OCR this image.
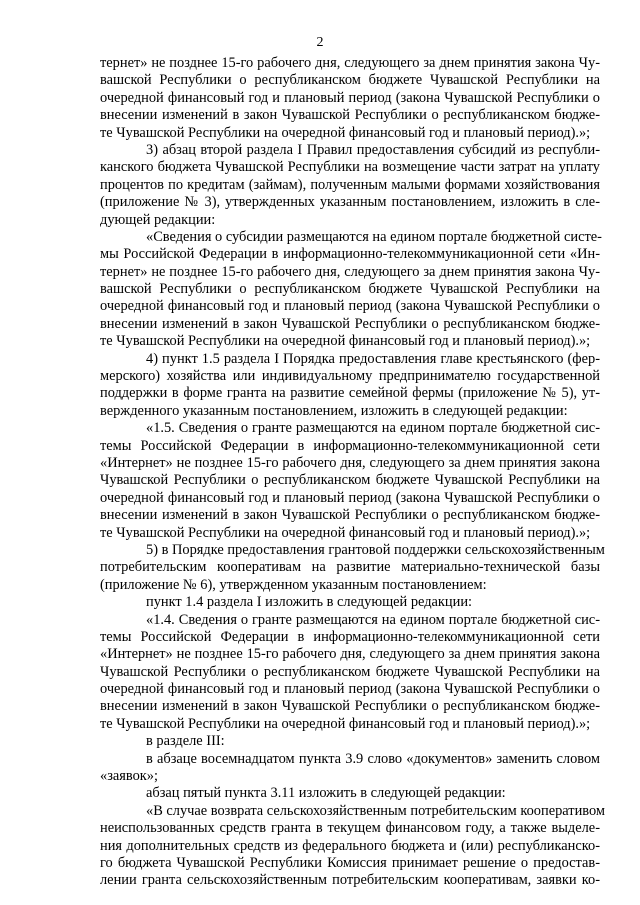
2
тернет» не позднее 15-го рабочего дня, следующего за днем принятия закона Чу-
вашской Республики о республиканском бюджете Чувашской Республики на
очередной финансовый год и плановый период (закона Чувашской Республики о
внесении изменений в закон Чувашской Республики о республиканском бюдже-
те Чувашской Республики на очередной финансовый год и плановый период).»;
3) абзац второй раздела I Правил предоставления субсидий из республи-
канского бюджета Чувашской Республики на возмещение части затрат на уплату
процентов по кредитам (займам), полученным малыми формами хозяйствования
(приложение № 3), утвержденных указанным постановлением, изложить в сле-
дующей редакции:
«Сведения о субсидии размещаются на едином портале бюджетной систе-
мы Российской Федерации в информационно-телекоммуникационной сети «Ин-
тернет» не позднее 15-го рабочего дня, следующего за днем принятия закона Чу-
вашской Республики о республиканском бюджете Чувашской Республики на
очередной финансовый год и плановый период (закона Чувашской Республики о
внесении изменений в закон Чувашской Республики о республиканском бюдже-
те Чувашской Республики на очередной финансовый год и плановый период).»;
4) пункт 1.5 раздела I Порядка предоставления главе крестьянского (фер-
мерского) хозяйства или индивидуальному предпринимателю государственной
поддержки в форме гранта на развитие семейной фермы (приложение № 5), ут-
вержденного указанным постановлением, изложить в следующей редакции:
«1.5. Сведения о гранте размещаются на едином портале бюджетной сис-
темы Российской Федерации в информационно-телекоммуникационной сети
«Интернет» не позднее 15-го рабочего дня, следующего за днем принятия закона
Чувашской Республики о республиканском бюджете Чувашской Республики на
очередной финансовый год и плановый период (закона Чувашской Республики о
внесении изменений в закон Чувашской Республики о республиканском бюдже-
те Чувашской Республики на очередной финансовый год и плановый период).»;
5) в Порядке предоставления грантовой поддержки сельскохозяйственным
потребительским кооперативам на развитие материально-технической базы
(приложение № 6), утвержденном указанным постановлением:
пункт 1.4 раздела I изложить в следующей редакции:
«1.4. Сведения о гранте размещаются на едином портале бюджетной сис-
темы Российской Федерации в информационно-телекоммуникационной сети
«Интернет» не позднее 15-го рабочего дня, следующего за днем принятия закона
Чувашской Республики о республиканском бюджете Чувашской Республики на
очередной финансовый год и плановый период (закона Чувашской Республики о
внесении изменений в закон Чувашской Республики о республиканском бюдже-
те Чувашской Республики на очередной финансовый год и плановый период).»;
в разделе III:
в абзаце восемнадцатом пункта 3.9 слово «документов» заменить словом
«заявок»;
абзац пятый пункта 3.11 изложить в следующей редакции:
«В случае возврата сельскохозяйственным потребительским кооперативом
неиспользованных средств гранта в текущем финансовом году, а также выделе-
ния дополнительных средств из федерального бюджета и (или) республиканско-
го бюджета Чувашской Республики Комиссия принимает решение о предостав-
лении гранта сельскохозяйственным потребительским кооперативам, заявки ко-
